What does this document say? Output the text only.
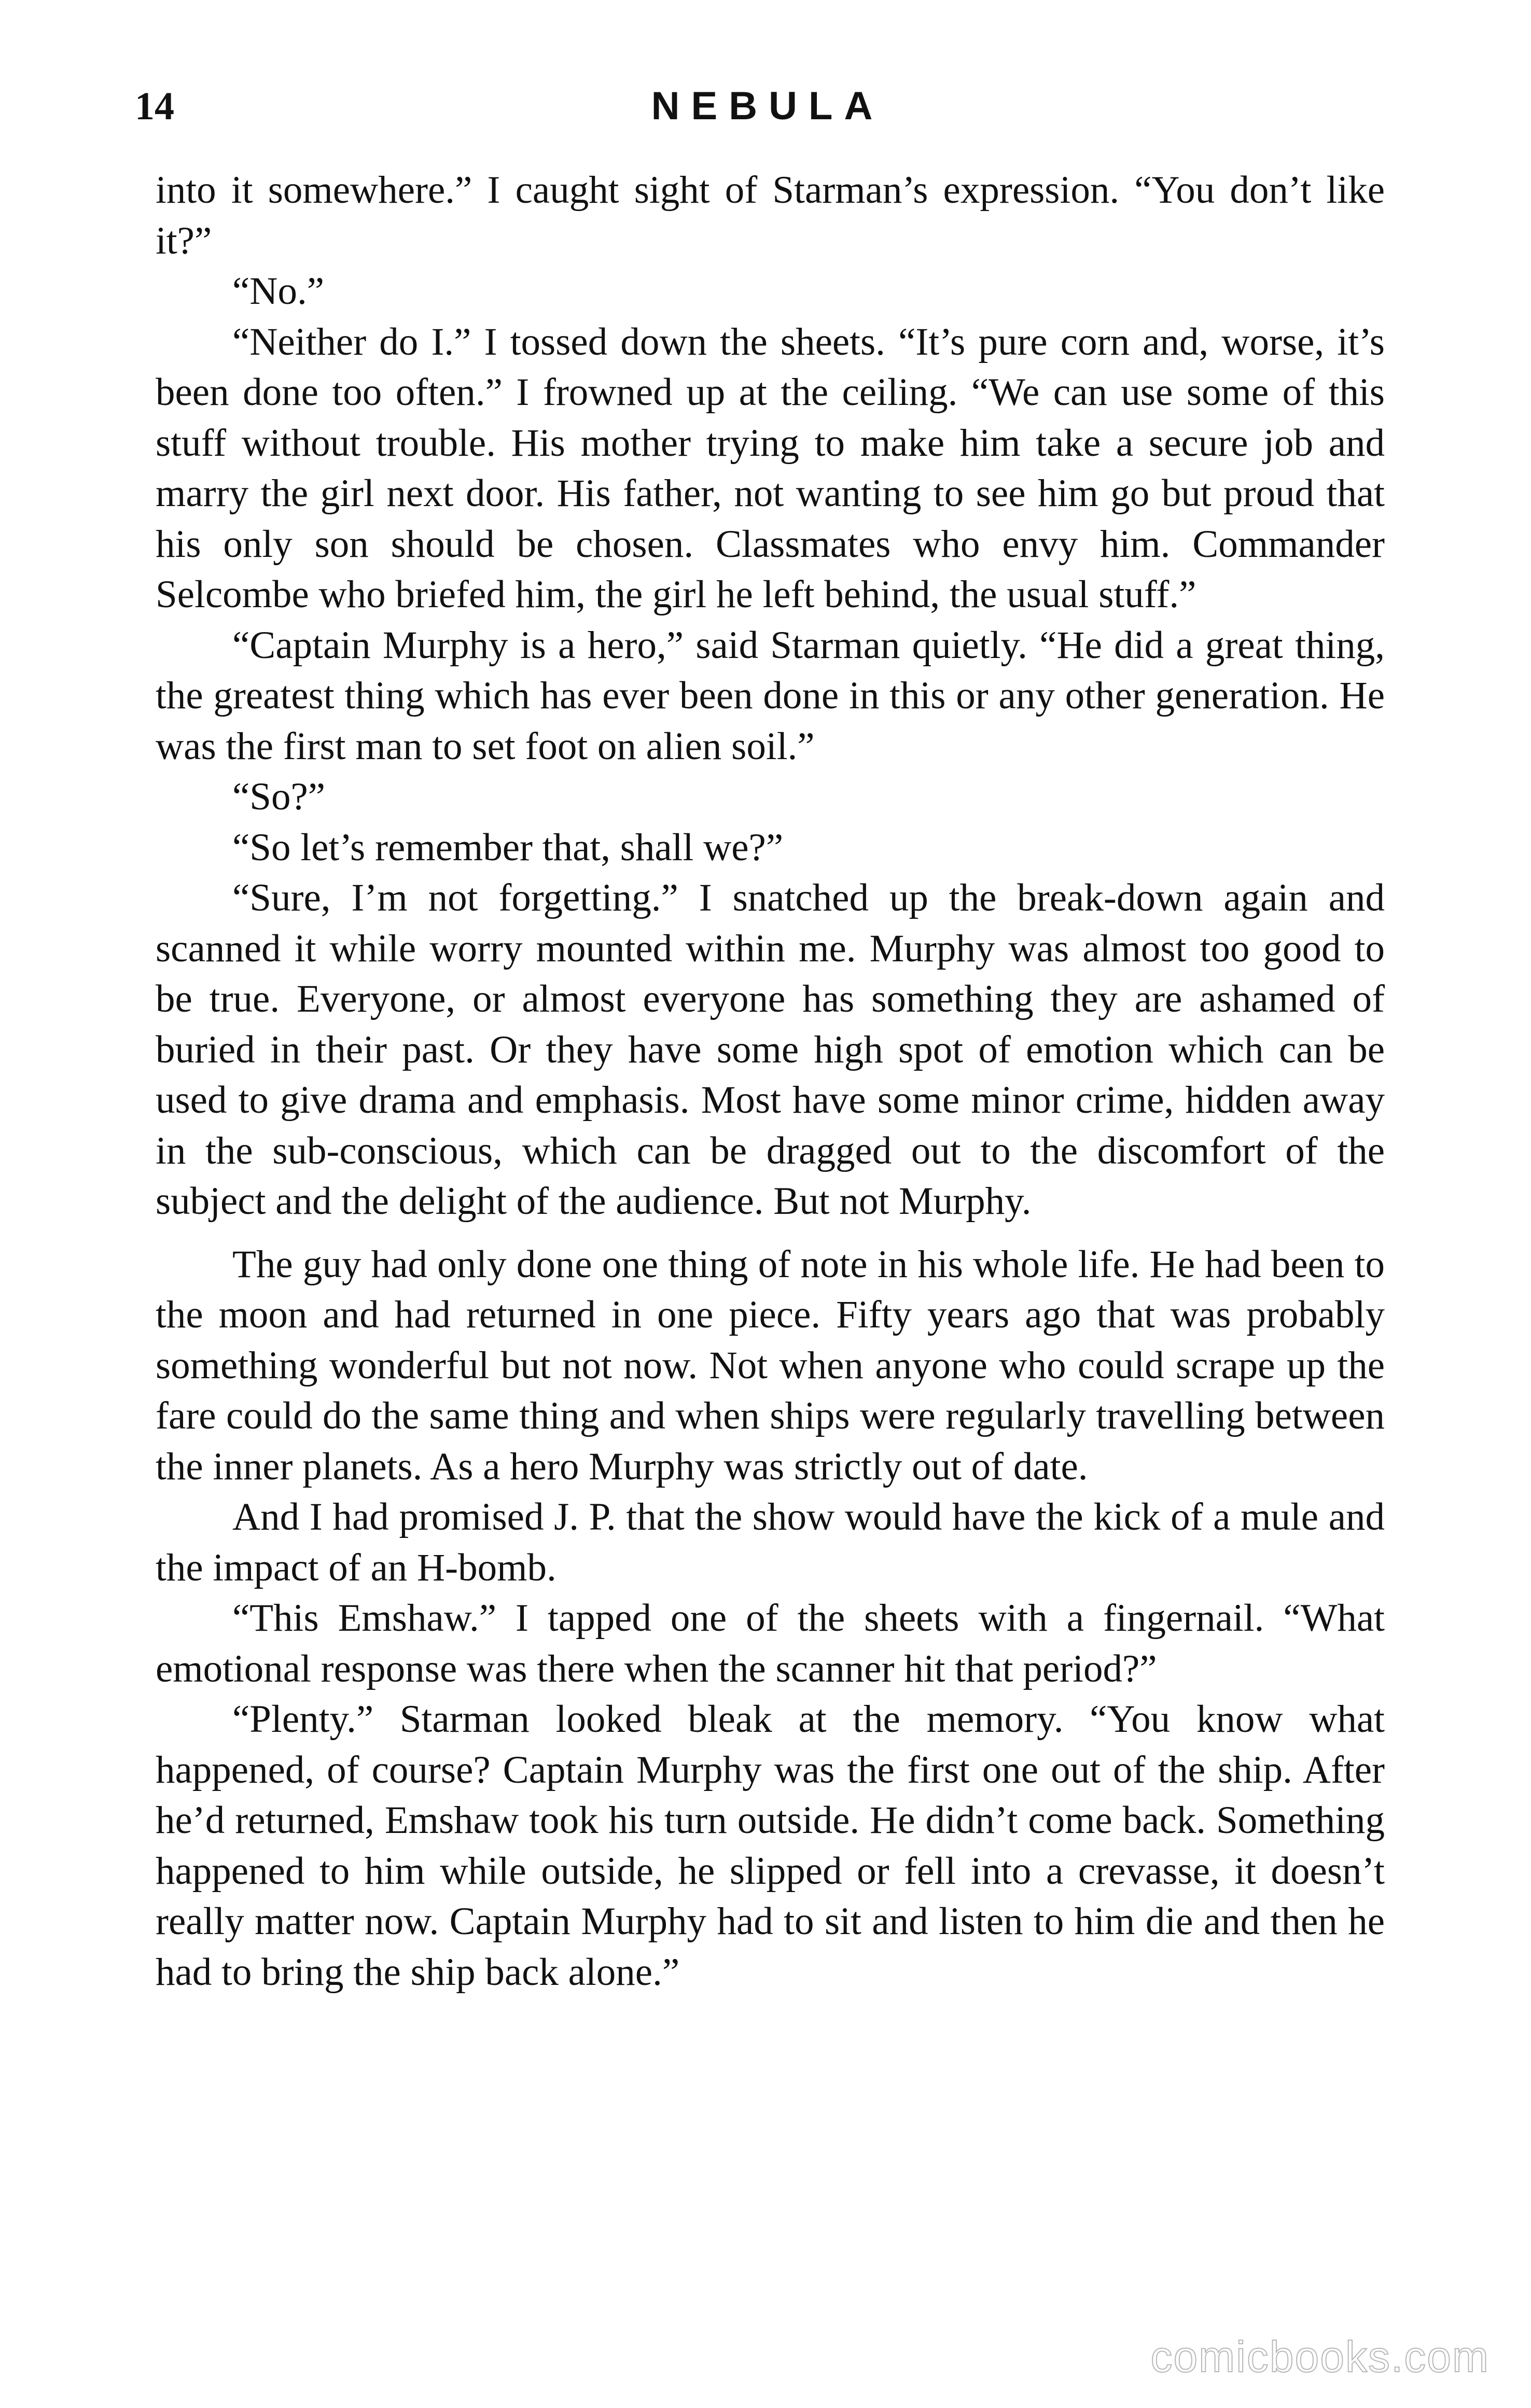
14	NEBULA

into it somewhere.” I caught sight of Starman’s expression. “You don’t like it?”

“No.”

“Neither do I.” I tossed down the sheets. “It’s pure corn and, worse, it’s been done too often.” I frowned up at the ceiling. “We can use some of this stuff without trouble. His mother trying to make him take a secure job and marry the girl next door. His father, not wanting to see him go but proud that his only son should be chosen. Classmates who envy him. Commander Selcombe who briefed him, the girl he left behind, the usual stuff.”

“Captain Murphy is a hero,” said Starman quietly. “He did a great thing, the greatest thing which has ever been done in this or any other generation. He was the first man to set foot on alien soil.”

“So?”

“So let’s remember that, shall we?”

“Sure, I’m not forgetting.” I snatched up the break-down again and scanned it while worry mounted within me. Murphy was almost too good to be true. Everyone, or almost everyone has something they are ashamed of buried in their past. Or they have some high spot of emotion which can be used to give drama and emphasis. Most have some minor crime, hidden away in the sub-conscious, which can be dragged out to the discomfort of the subject and the delight of the audience. But not Murphy.

The guy had only done one thing of note in his whole life. He had been to the moon and had returned in one piece. Fifty years ago that was probably something wonderful but not now. Not when anyone who could scrape up the fare could do the same thing and when ships were regularly travelling between the inner planets. As a hero Murphy was strictly out of date.

And I had promised J. P. that the show would have the kick of a mule and the impact of an H-bomb.

“This Emshaw.” I tapped one of the sheets with a fingernail. “What emotional response was there when the scanner hit that period?”

“Plenty.” Starman looked bleak at the memory. “You know what happened, of course? Captain Murphy was the first one out of the ship. After he’d returned, Emshaw took his turn outside. He didn’t come back. Something happened to him while outside, he slipped or fell into a crevasse, it doesn’t really matter now. Captain Murphy had to sit and listen to him die and then he had to bring the ship back alone.”

comicbooks.com
